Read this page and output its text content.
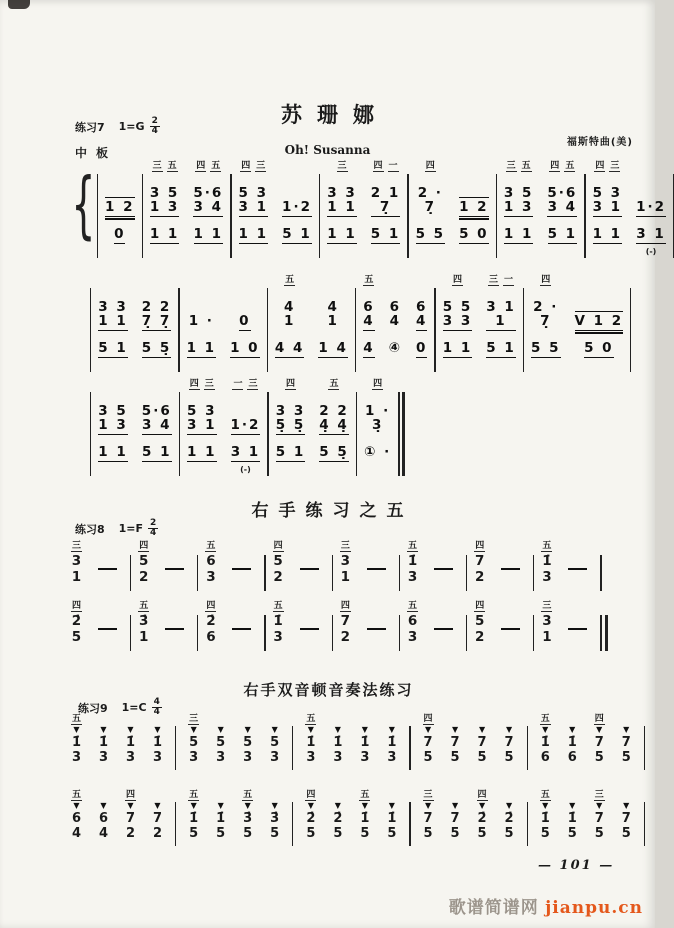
苏珊娜
练习7 $1=G \frac{2}{4}$
福斯特曲(美)
中板	Oh! Susanna
{ 1 2
0
三 五
3 5
1 3
1 1
四 五
5·6
3 4
1 1
四 三
5 3
3 1
1 1
1·2
5 1
三
3 3
1 1
1 1
四 一
2 1
7̣
5 1
四
2 ·
7̣
5 5
1 2
5 0
三 五
3 5
1 3
1 1
四 五
5·6
3 4
5 1
四 三
5 3
3 1
1 1
1·2
3 1
(-)
3 3
1 1
5 1
2 2
7̣ 7̣
5 5̣
1 ·
1 1
0
1 0
五
4
1
4 4
4
1
1 4
五
6
4
4
6
4
④
6
4
0
四
5 5
3 3
1 1
三 一
3 1
1
5 1
四
2 ·
7̣
5 5
V 1 2
5 0
3 5
1 3
1 1
5·6
3 4
5 1
四 三
5 3
3 1
1 1
一 三
1·2
3 1
(-)
四
3 3
5̣ 5̣
5 1
五
2 2
4̣ 4̣
5 5̣
四
1 ·
3̣
① ·
右手练习之五
练习8 $1=F \frac{2}{4}$
三
3
1
四
5
2
五
6
3
四
5
2
三
3
1
五
1̇
3
四
7
2
五
1̇
3
四
2̇
5
五
3̇
1
四
2̇
6
五
1̇
3
四
7
2
五
6
3
四
5
2
三
3
1
右手双音顿音奏法练习
练习9 $1=C \frac{4}{4}$
五
▼
1̇
3
▼
1̇
3
▼
1̇
3
▼
1̇
3
三
▼
5
3
▼
5
3
▼
5
3
▼
5
3
五
▼
1̇
3
▼
1̇
3
▼
1̇
3
▼
1̇
3
四
▼
7
5
▼
7
5
▼
7
5
▼
7
5
五
▼
1̇
6
▼
1̇
6
四
▼
7
5
▼
7
5
五
▼
6
4
▼
6
4
四
▼
7
2
▼
7
2
五
▼
1̇
5
▼
1̇
5
五
▼
3̇
5
▼
3̇
5
四
▼
2̇
5
▼
2̇
5
五
▼
1̇
5
▼
1̇
5
三
▼
7
5
▼
7
5
四
▼
2̇
5
▼
2̇
5
五
▼
1̇
5
▼
1̇
5
三
▼
7
5
▼
7
5
— 101 —
歌谱简谱网 jianpu.cn
